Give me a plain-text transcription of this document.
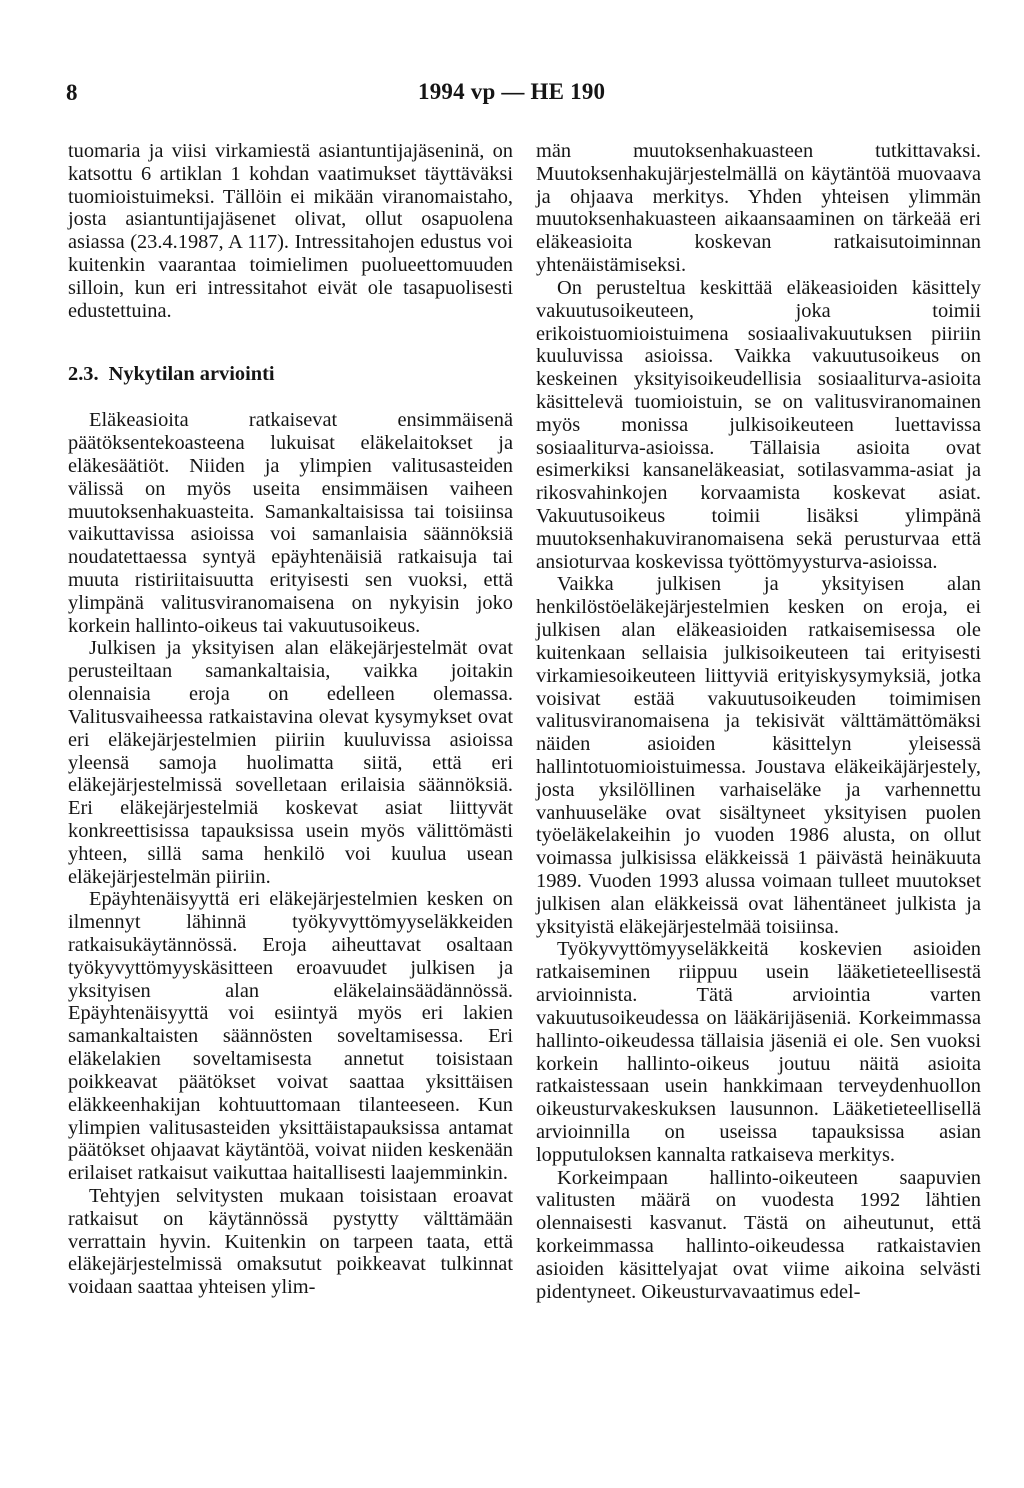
8	1994 vp — HE 190

tuomaria ja viisi virkamiestä asiantuntijajäseninä, on katsottu 6 artiklan 1 kohdan vaatimukset täyttäväksi tuomioistuimeksi. Tällöin ei mikään viranomaistaho, josta asiantuntijajäsenet olivat, ollut osapuolena asiassa (23.4.1987, A 117). Intressitahojen edustus voi kuitenkin vaarantaa toimielimen puolueettomuuden silloin, kun eri intressitahot eivät ole tasapuolisesti edustettuina.

2.3. Nykytilan arviointi

Eläkeasioita ratkaisevat ensimmäisenä päätöksentekoasteena lukuisat eläkelaitokset ja eläkesäätiöt. Niiden ja ylimpien valitusasteiden välissä on myös useita ensimmäisen vaiheen muutoksenhakuasteita. Samankaltaisissa tai toisiinsa vaikuttavissa asioissa voi samanlaisia säännöksiä noudatettaessa syntyä epäyhtenäisiä ratkaisuja tai muuta ristiriitaisuutta erityisesti sen vuoksi, että ylimpänä valitusviranomaisena on nykyisin joko korkein hallinto-oikeus tai vakuutusoikeus.

Julkisen ja yksityisen alan eläkejärjestelmät ovat perusteiltaan samankaltaisia, vaikka joitakin olennaisia eroja on edelleen olemassa. Valitusvaiheessa ratkaistavina olevat kysymykset ovat eri eläkejärjestelmien piiriin kuuluvissa asioissa yleensä samoja huolimatta siitä, että eri eläkejärjestelmissä sovelletaan erilaisia säännöksiä. Eri eläkejärjestelmiä koskevat asiat liittyvät konkreettisissa tapauksissa usein myös välittömästi yhteen, sillä sama henkilö voi kuulua usean eläkejärjestelmän piiriin.

Epäyhtenäisyyttä eri eläkejärjestelmien kesken on ilmennyt lähinnä työkyvyttömyyseläkkeiden ratkaisukäytännössä. Eroja aiheuttavat osaltaan työkyvyttömyyskäsitteen eroavuudet julkisen ja yksityisen alan eläkelainsäädännössä. Epäyhtenäisyyttä voi esiintyä myös eri lakien samankaltaisten säännösten soveltamisessa. Eri eläkelakien soveltamisesta annetut toisistaan poikkeavat päätökset voivat saattaa yksittäisen eläkkeenhakijan kohtuuttomaan tilanteeseen. Kun ylimpien valitusasteiden yksittäistapauksissa antamat päätökset ohjaavat käytäntöä, voivat niiden keskenään erilaiset ratkaisut vaikuttaa haitallisesti laajemminkin.

Tehtyjen selvitysten mukaan toisistaan eroavat ratkaisut on käytännössä pystytty välttämään verrattain hyvin. Kuitenkin on tarpeen taata, että eläkejärjestelmissä omaksutut poikkeavat tulkinnat voidaan saattaa yhteisen ylim-

män muutoksenhakuasteen tutkittavaksi. Muutoksenhakujärjestelmällä on käytäntöä muovaava ja ohjaava merkitys. Yhden yhteisen ylimmän muutoksenhakuasteen aikaansaaminen on tärkeää eri eläkeasioita koskevan ratkaisutoiminnan yhtenäistämiseksi.

On perusteltua keskittää eläkeasioiden käsittely vakuutusoikeuteen, joka toimii erikoistuomioistuimena sosiaalivakuutuksen piiriin kuuluvissa asioissa. Vaikka vakuutusoikeus on keskeinen yksityisoikeudellisia sosiaaliturva-asioita käsittelevä tuomioistuin, se on valitusviranomainen myös monissa julkisoikeuteen luettavissa sosiaaliturva-asioissa. Tällaisia asioita ovat esimerkiksi kansaneläkeasiat, sotilasvamma-asiat ja rikosvahinkojen korvaamista koskevat asiat. Vakuutusoikeus toimii lisäksi ylimpänä muutoksenhakuviranomaisena sekä perusturvaa että ansioturvaa koskevissa työttömyysturva-asioissa.

Vaikka julkisen ja yksityisen alan henkilöstöeläkejärjestelmien kesken on eroja, ei julkisen alan eläkeasioiden ratkaisemisessa ole kuitenkaan sellaisia julkisoikeuteen tai erityisesti virkamiesoikeuteen liittyviä erityiskysymyksiä, jotka voisivat estää vakuutusoikeuden toimimisen valitusviranomaisena ja tekisivät välttämättömäksi näiden asioiden käsittelyn yleisessä hallintotuomioistuimessa. Joustava eläkeikäjärjestely, josta yksilöllinen varhaiseläke ja varhennettu vanhuuseläke ovat sisältyneet yksityisen puolen työeläkelakeihin jo vuoden 1986 alusta, on ollut voimassa julkisissa eläkkeissä 1 päivästä heinäkuuta 1989. Vuoden 1993 alussa voimaan tulleet muutokset julkisen alan eläkkeissä ovat lähentäneet julkista ja yksityistä eläkejärjestelmää toisiinsa.

Työkyvyttömyyseläkkeitä koskevien asioiden ratkaiseminen riippuu usein lääketieteellisestä arvioinnista. Tätä arviointia varten vakuutusoikeudessa on lääkärijäseniä. Korkeimmassa hallinto-oikeudessa tällaisia jäseniä ei ole. Sen vuoksi korkein hallinto-oikeus joutuu näitä asioita ratkaistessaan usein hankkimaan terveydenhuollon oikeusturvakeskuksen lausunnon. Lääketieteellisellä arvioinnilla on useissa tapauksissa asian lopputuloksen kannalta ratkaiseva merkitys.

Korkeimpaan hallinto-oikeuteen saapuvien valitusten määrä on vuodesta 1992 lähtien olennaisesti kasvanut. Tästä on aiheutunut, että korkeimmassa hallinto-oikeudessa ratkaistavien asioiden käsittelyajat ovat viime aikoina selvästi pidentyneet. Oikeusturvavaatimus edel-
